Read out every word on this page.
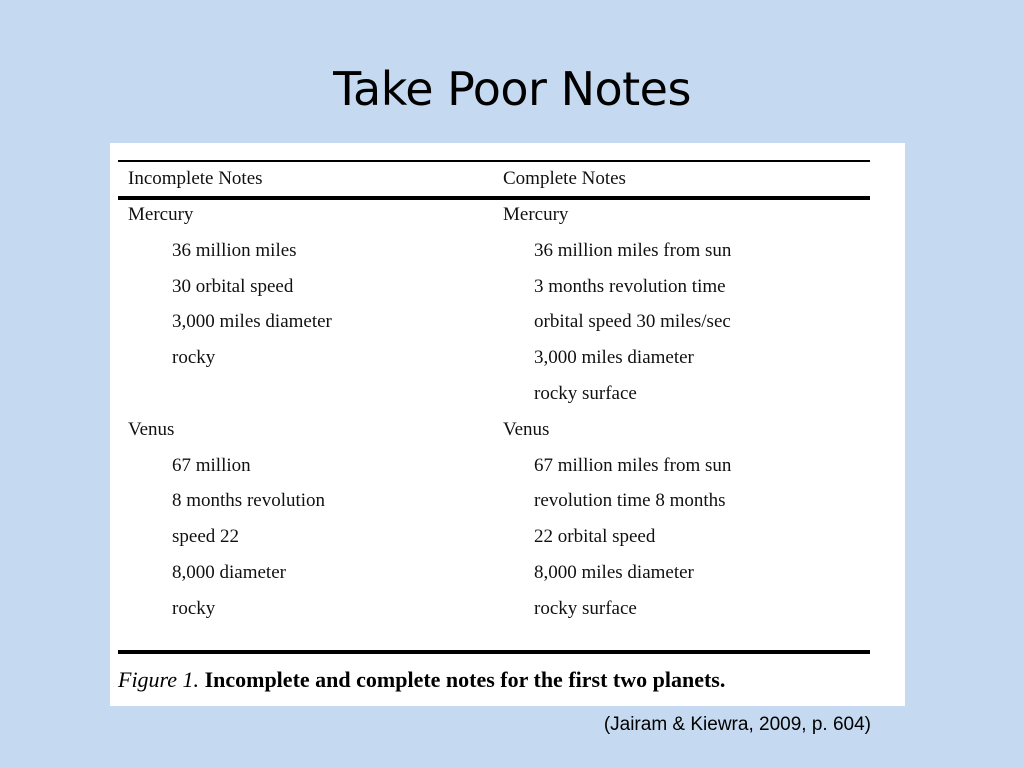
Take Poor Notes
Incomplete Notes	Complete Notes
Mercury
36 million miles
30 orbital speed
3,000 miles diameter
rocky
Venus
67 million
8 months revolution
speed 22
8,000 diameter
rocky
Mercury
36 million miles from sun
3 months revolution time
orbital speed 30 miles/sec
3,000 miles diameter
rocky surface
Venus
67 million miles from sun
revolution time 8 months
22 orbital speed
8,000 miles diameter
rocky surface
Figure 1. Incomplete and complete notes for the first two planets.
(Jairam & Kiewra, 2009, p. 604)
